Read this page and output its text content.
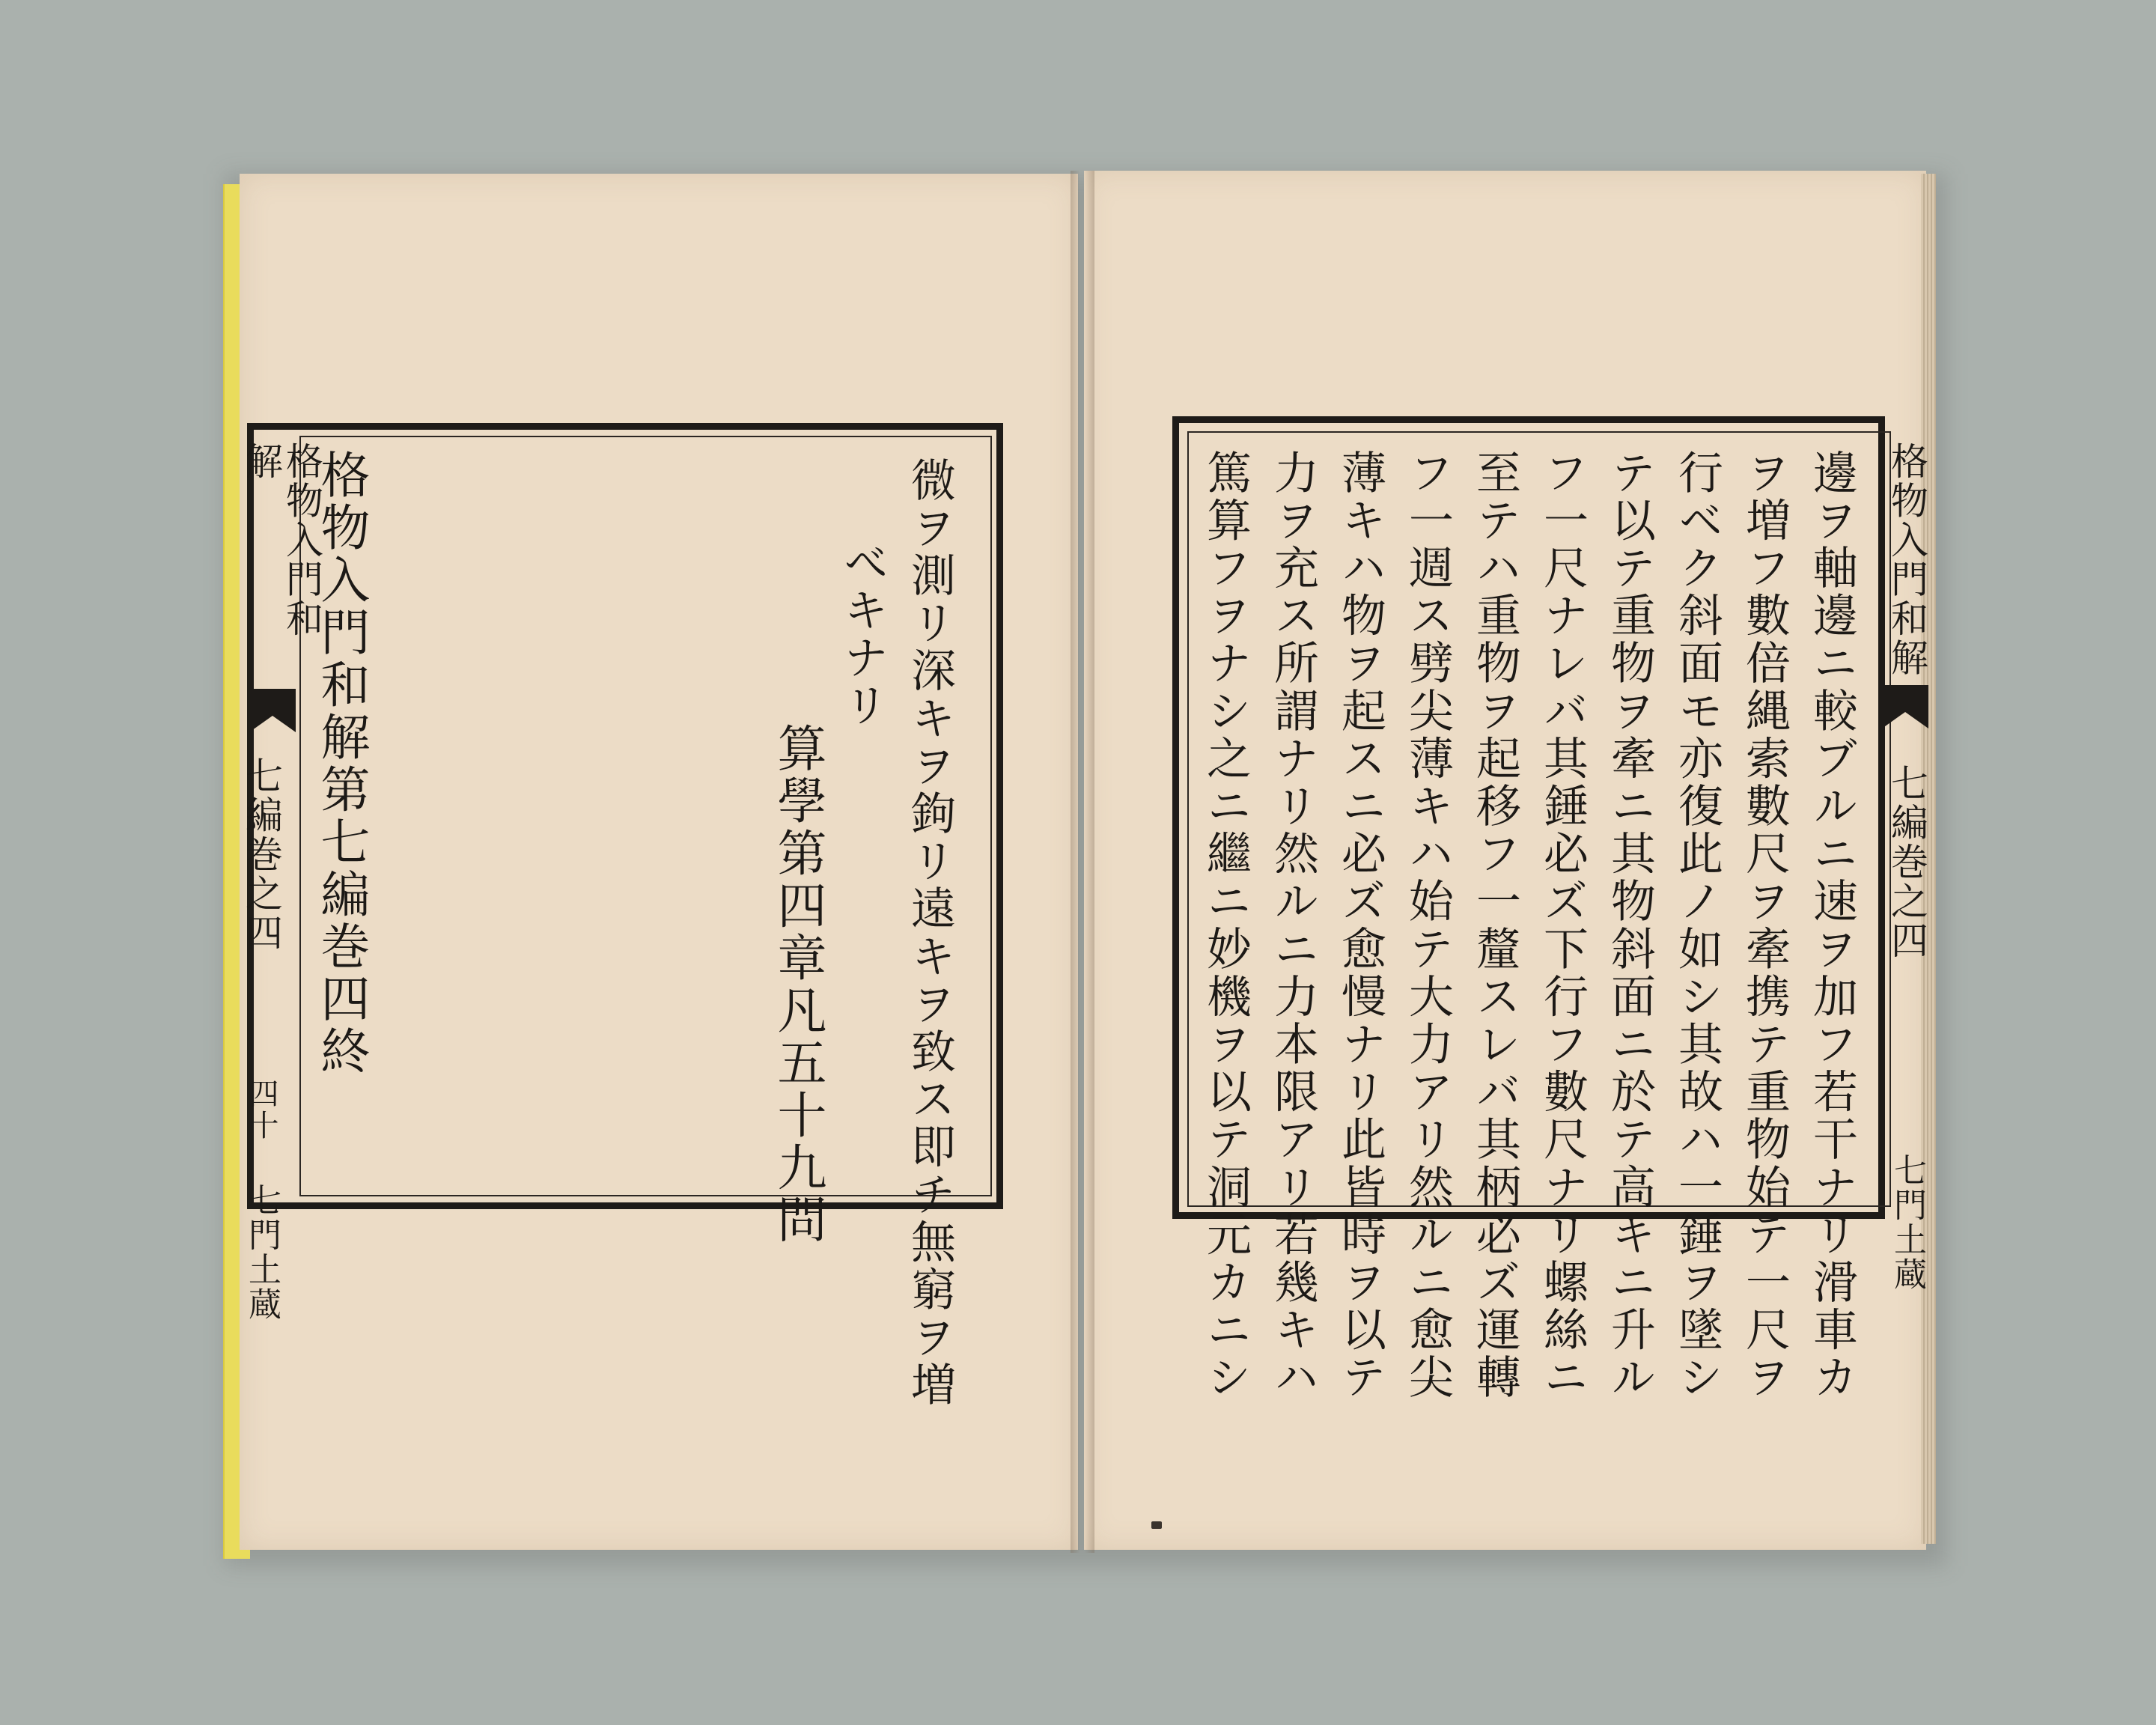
格物入門和解
七編巻之四
四十
七門土蔵
格物入門和解第七編巻四終	算學第四章凡五十九問
べキナリ 微ヲ測リ深キヲ鉤リ遠キヲ致ス即チ無窮ヲ増	格物入門和解
七編巻之四
七門土蔵
篤算フヲナシ之ニ繼ニ妙機ヲ以テ洞元カニシ 力ヲ充ス所謂ナリ然ルニ力本限アリ若幾キハ 薄キハ物ヲ起スニ必ズ愈慢ナリ此皆時ヲ以テ フ一週ス劈尖薄キハ始テ大力アリ然ルニ愈尖 至テハ重物ヲ起移フ一釐スレバ其柄必ズ運轉 フ一尺ナレバ其錘必ズ下行フ數尺ナリ螺絲ニ テ以テ重物ヲ牽ニ其物斜面ニ於テ高キニ升ル 行ベク斜面モ亦復此ノ如シ其故ハ一錘ヲ墜シ ヲ増フ數倍縄索數尺ヲ牽携テ重物始テ一尺ヲ 邊ヲ軸邊ニ較ブルニ速ヲ加フ若干ナリ滑車カ
